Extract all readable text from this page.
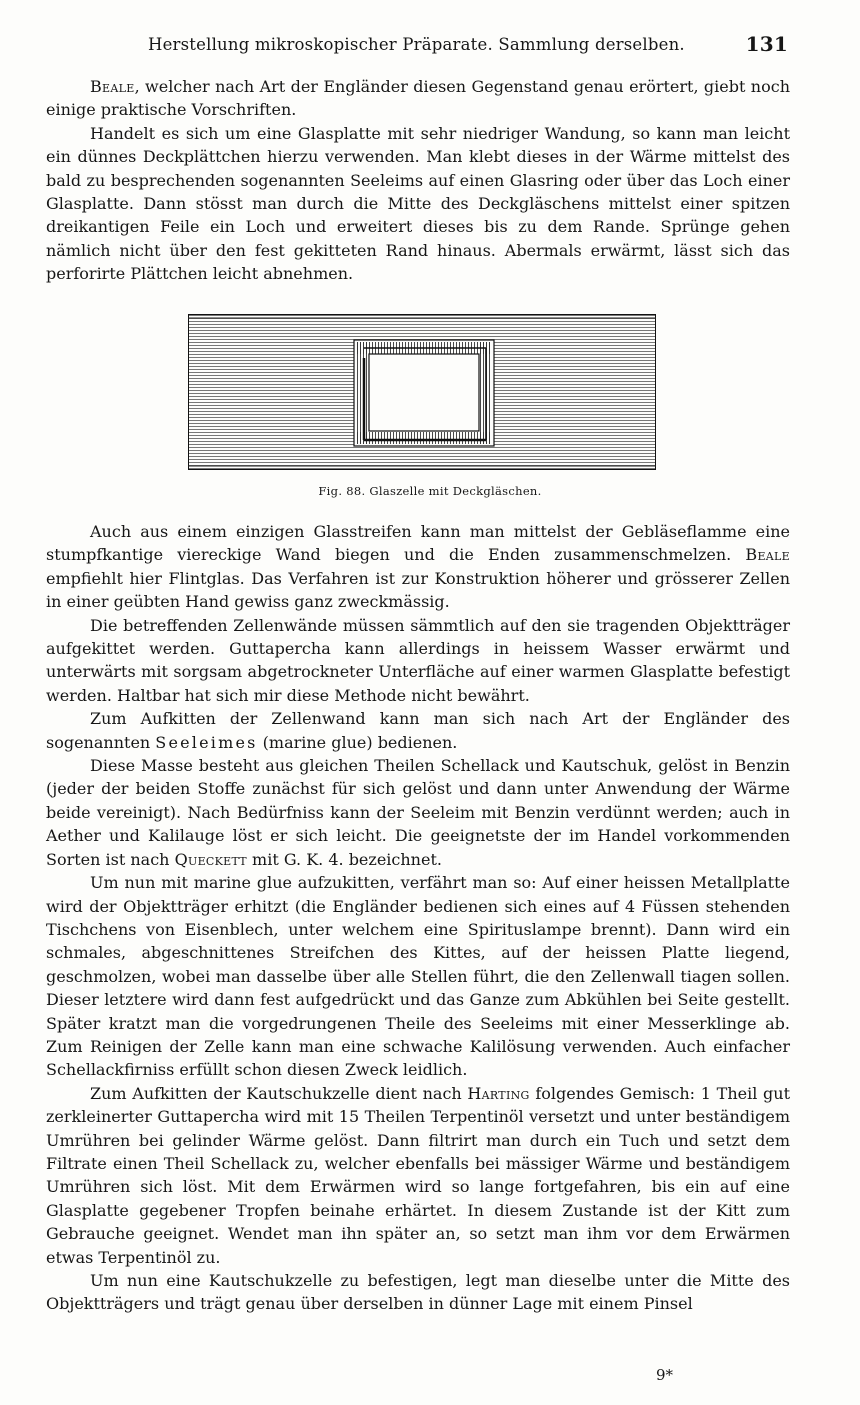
Herstellung mikroskopischer Präparate. Sammlung derselben.	131

Beale, welcher nach Art der Engländer diesen Gegenstand genau erörtert, giebt noch einige praktische Vorschriften.

Handelt es sich um eine Glasplatte mit sehr niedriger Wandung, so kann man leicht ein dünnes Deckplättchen hierzu verwenden. Man klebt dieses in der Wärme mittelst des bald zu besprechenden sogenannten Seeleims auf einen Glasring oder über das Loch einer Glasplatte. Dann stösst man durch die Mitte des Deckgläschens mittelst einer spitzen dreikantigen Feile ein Loch und erweitert dieses bis zu dem Rande. Sprünge gehen nämlich nicht über den fest gekitteten Rand hinaus. Abermals erwärmt, lässt sich das perforirte Plättchen leicht abnehmen.

Fig. 88. Glaszelle mit Deckgläschen.

Auch aus einem einzigen Glasstreifen kann man mittelst der Gebläseflamme eine stumpfkantige viereckige Wand biegen und die Enden zusammenschmelzen. Beale empfiehlt hier Flintglas. Das Verfahren ist zur Konstruktion höherer und grösserer Zellen in einer geübten Hand gewiss ganz zweckmässig.

Die betreffenden Zellenwände müssen sämmtlich auf den sie tragenden Objektträger aufgekittet werden. Guttapercha kann allerdings in heissem Wasser erwärmt und unterwärts mit sorgsam abgetrockneter Unterfläche auf einer warmen Glasplatte befestigt werden. Haltbar hat sich mir diese Methode nicht bewährt.

Zum Aufkitten der Zellenwand kann man sich nach Art der Engländer des sogenannten Seeleimes (marine glue) bedienen.

Diese Masse besteht aus gleichen Theilen Schellack und Kautschuk, gelöst in Benzin (jeder der beiden Stoffe zunächst für sich gelöst und dann unter Anwendung der Wärme beide vereinigt). Nach Bedürfniss kann der Seeleim mit Benzin verdünnt werden; auch in Aether und Kalilauge löst er sich leicht. Die geeignetste der im Handel vorkommenden Sorten ist nach Queckett mit G. K. 4. bezeichnet.

Um nun mit marine glue aufzukitten, verfährt man so: Auf einer heissen Metallplatte wird der Objektträger erhitzt (die Engländer bedienen sich eines auf 4 Füssen stehenden Tischchens von Eisenblech, unter welchem eine Spirituslampe brennt). Dann wird ein schmales, abgeschnittenes Streifchen des Kittes, auf der heissen Platte liegend, geschmolzen, wobei man dasselbe über alle Stellen führt, die den Zellenwall tiagen sollen. Dieser letztere wird dann fest aufgedrückt und das Ganze zum Abkühlen bei Seite gestellt. Später kratzt man die vorgedrungenen Theile des Seeleims mit einer Messerklinge ab. Zum Reinigen der Zelle kann man eine schwache Kalilösung verwenden. Auch einfacher Schellackfirniss erfüllt schon diesen Zweck leidlich.

Zum Aufkitten der Kautschukzelle dient nach Harting folgendes Gemisch: 1 Theil gut zerkleinerter Guttapercha wird mit 15 Theilen Terpentinöl versetzt und unter beständigem Umrühren bei gelinder Wärme gelöst. Dann filtrirt man durch ein Tuch und setzt dem Filtrate einen Theil Schellack zu, welcher ebenfalls bei mässiger Wärme und beständigem Umrühren sich löst. Mit dem Erwärmen wird so lange fortgefahren, bis ein auf eine Glasplatte gegebener Tropfen beinahe erhärtet. In diesem Zustande ist der Kitt zum Gebrauche geeignet. Wendet man ihn später an, so setzt man ihm vor dem Erwärmen etwas Terpentinöl zu.

Um nun eine Kautschukzelle zu befestigen, legt man dieselbe unter die Mitte des Objektträgers und trägt genau über derselben in dünner Lage mit einem Pinsel

9*
